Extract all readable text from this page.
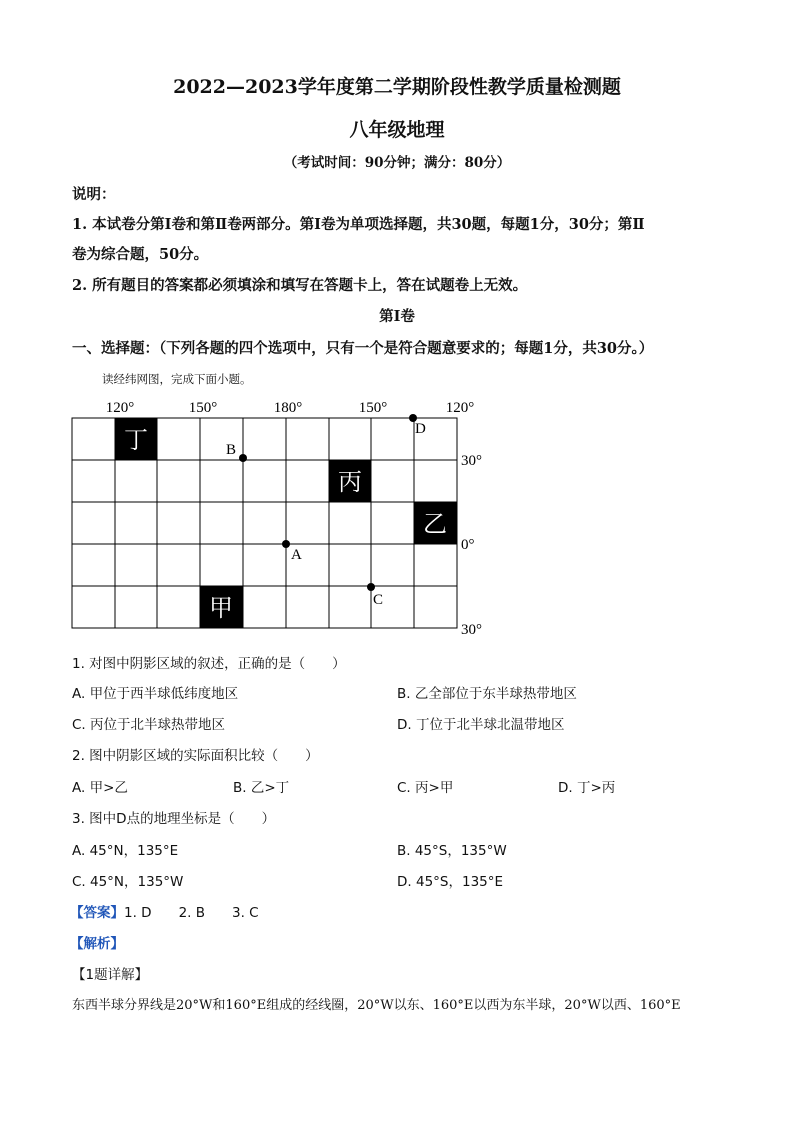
2022—2023学年度第二学期阶段性教学质量检测题
八年级地理
（考试时间：90分钟；满分：80分）
说明：
1. 本试卷分第Ⅰ卷和第Ⅱ卷两部分。第Ⅰ卷为单项选择题，共30题，每题1分，30分；第Ⅱ
卷为综合题，50分。
2. 所有题目的答案都必须填涂和填写在答题卡上，答在试题卷上无效。
第Ⅰ卷
一、选择题：（下列各题的四个选项中，只有一个是符合题意要求的；每题1分，共30分。）
读经纬网图，完成下面小题。
丁
丙
乙
甲
120°	150°	180°	150°	120°
30°
0°
30°
A
B
C
D
1. 对图中阴影区域的叙述，正确的是（　　）
A. 甲位于西半球低纬度地区	B. 乙全部位于东半球热带地区
C. 丙位于北半球热带地区	D. 丁位于北半球北温带地区
2. 图中阴影区域的实际面积比较（　　）
A. 甲>乙	B. 乙>丁	C. 丙>甲	D. 丁>丙
3. 图中D点的地理坐标是（　　）
A. 45°N，135°E	B. 45°S，135°W
C. 45°N，135°W	D. 45°S，135°E
【答案】1. D　　2. B　　3. C
【解析】
【1题详解】
东西半球分界线是20°W和160°E组成的经线圈，20°W以东、160°E以西为东半球，20°W以西、160°E
